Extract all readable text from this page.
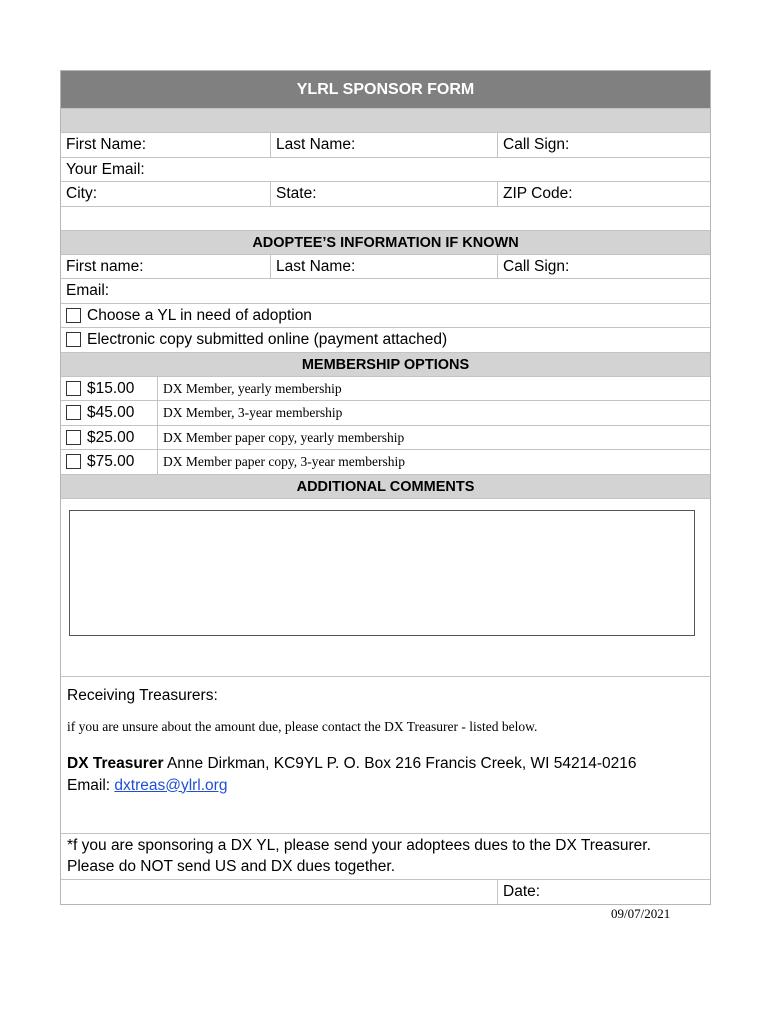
YLRL SPONSOR FORM
First Name:	Last Name:	Call Sign:
Your Email:
City:	State:	ZIP Code:
ADOPTEE’S INFORMATION IF KNOWN
First name:	Last Name:	Call Sign:
Email:
Choose a YL in need of adoption
Electronic copy submitted online (payment attached)
MEMBERSHIP OPTIONS
$15.00	DX Member, yearly membership
$45.00	DX Member, 3-year membership
$25.00	DX Member paper copy, yearly membership
$75.00	DX Member paper copy, 3-year membership
ADDITIONAL COMMENTS
Receiving Treasurers:
if you are unsure about the amount due, please contact the DX Treasurer - listed below.
DX Treasurer Anne Dirkman, KC9YL P. O. Box 216 Francis Creek, WI 54214-0216
Email: dxtreas@ylrl.org
*f you are sponsoring a DX YL, please send your adoptees dues to the DX Treasurer.
Please do NOT send US and DX dues together.
Date:
09/07/2021
